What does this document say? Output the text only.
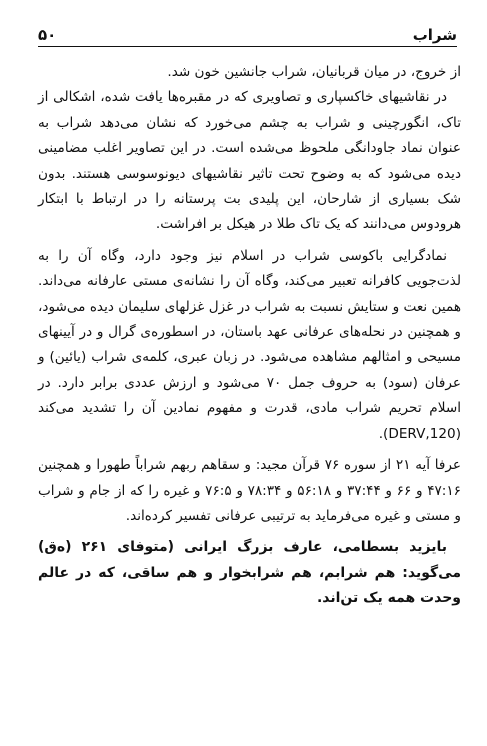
شراب
۵۰

از خروج، در میان قربانیان، شراب جانشین خون شد.

در نقاشیهای خاکسپاری و تصاویری که در مقبره‌ها یافت شده، اشکالی از تاک، انگورچینی و شراب به چشم می‌خورد که نشان می‌دهد شراب به عنوان نماد جاودانگی ملحوظ می‌شده است. در این تصاویر اغلب مضامینی دیده می‌شود که به وضوح تحت تاثیر نقاشیهای دیونوسوسی هستند. بدون شک بسیاری از شارحان، این پلیدی بت پرستانه را در ارتباط با ابتکار هرودوس می‌دانند که یک تاک طلا در هیکل بر افراشت.

نمادگرایی باکوسی شراب در اسلام نیز وجود دارد، وگاه آن را به لذت‌جویی کافرانه تعبیر می‌کند، وگاه آن را نشانه‌ی مستی عارفانه می‌داند. همین نعت و ستایش نسبت به شراب در غزل غزلهای سلیمان دیده می‌شود، و همچنین در نحله‌های عرفانی عهد باستان، در اسطوره‌ی گرال و در آیینهای مسیحی و امثالهم مشاهده می‌شود. در زبان عبری، کلمه‌ی شراب (یائین) و عرفان (سود) به حروف جمل ۷۰ می‌شود و ارزش عددی برابر دارد. در اسلام تحریم شراب مادی، قدرت و مفهوم نمادین آن را تشدید می‌کند (DERV,120).

عرفا آیه ۲۱ از سوره ۷۶ قرآن مجید: و سقاهم ربهم شراباً طهورا و همچنین ۴۷:۱۶ و ۶۶ و ۳۷:۴۴ و ۵۶:۱۸ و ۷۸:۳۴ و ۷۶:۵ و غیره را که از جام و شراب و مستی و غیره می‌فرماید به ترتیبی عرفانی تفسیر کرده‌اند.

بایزید بسطامی، عارف بزرگ ایرانی (متوفای ۲۶۱ (ه‌ق) می‌گوید: هم شرابم، هم شرابخوار و هم ساقی، که در عالم وحدت همه یک تن‌اند.
